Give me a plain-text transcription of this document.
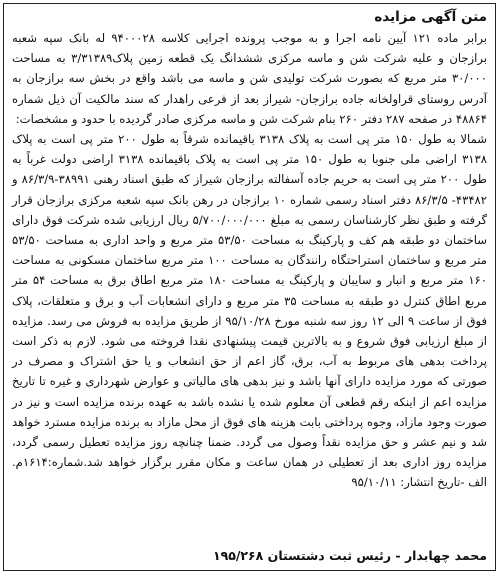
متن آگهی مزایده

برابر ماده ۱۲۱ آیین نامه اجرا و به موجب پرونده اجرایی کلاسه ۹۴۰۰۰۲۸ له بانک سپه شعبه برازجان و علیه شرکت شن و ماسه مرکزی ششدانگ یک قطعه زمین پلاک۳/۳۱۳۸۹ به مساحت ۳۰/۰۰۰ متر مربع که بصورت شرکت تولیدی شن و ماسه می باشد واقع در بخش سه برازجان به آدرس روستای قراولخانه جاده برازجان- شیراز بعد از فرعی راهدار که سند مالکیت آن ذیل شماره ۴۸۸۶۴ در صفحه ۲۸۷ دفتر ۲۶۰ بنام شرکت شن و ماسه مرکزی صادر گردیده با حدود و مشخصات:

شمالا به طول ۱۵۰ متر پی است به پلاک ۳۱۳۸ باقیمانده شرقاً به طول ۲۰۰ متر پی است به پلاک ۳۱۳۸ اراضی ملی جنوبا به طول ۱۵۰ متر پی است به پلاک باقیمانده ۳۱۳۸ اراضی دولت غرباً به طول ۲۰۰ متر پی است به حریم جاده آسفالته برازجان شیراز که طبق اسناد رهنی ۳۸۹۹۱-۸۶/۳/۹ و ۴۳۴۸۲- ۸۶/۳/۵ دفتر اسناد رسمی شماره ۱۰ برازجان در رهن بانک سپه شعبه مرکزی برازجان قرار گرفته و طبق نظر کارشناسان رسمی به مبلغ ۵/۷۰۰/۰۰۰/۰۰۰ ریال ارزیابی شده شرکت فوق دارای ساختمان دو طبقه هم کف و پارکینگ به مساحت ۵۳/۵۰ متر مربع و واحد اداری به مساحت ۵۳/۵۰ متر مربع و ساختمان استراحتگاه رانندگان به مساحت ۱۰۰ متر مربع ساختمان مسکونی به مساحت ۱۶۰ متر مربع و انبار و سایبان و پارکینگ به مساحت ۱۸۰ متر مربع اطاق برق به مساحت ۵۴ متر مربع اطاق کنترل دو طبقه به مساحت ۳۵ متر مربع و دارای انشعابات آب و برق و متعلقات، پلاک فوق از ساعت ۹ الی ۱۲ روز سه شنبه مورخ ۹۵/۱۰/۲۸ از طریق مزایده به فروش می رسد. مزایده از مبلغ ارزیابی فوق شروع و به بالاترین قیمت پیشنهادی نقدا فروخته می شود. لازم به ذکر است پرداخت بدهی های مربوط به آب، برق، گاز اعم از حق انشعاب و یا حق اشتراک و مصرف در صورتی که مورد مزایده دارای آنها باشد و نیز بدهی های مالیاتی و عوارض شهرداری و غیره تا تاریخ مزایده اعم از اینکه رقم قطعی آن معلوم شده یا نشده باشد به عهده برنده مزایده است و نیز در صورت وجود مازاد، وجوه پرداختی بابت هزینه های فوق از محل مازاد به برنده مزایده مسترد خواهد شد و نیم عشر و حق مزایده نقداً وصول می گردد. ضمنا چنانچه روز مزایده تعطیل رسمی گردد، مزایده روز اداری بعد از تعطیلی در همان ساعت و مکان مقرر برگزار خواهد شد.شماره:۱۶۱۴م. الف -تاریخ انتشار: ۹۵/۱۰/۱۱

محمد چهابدار - رئیس ثبت دشتستان ۱۹۵/۲۶۸
